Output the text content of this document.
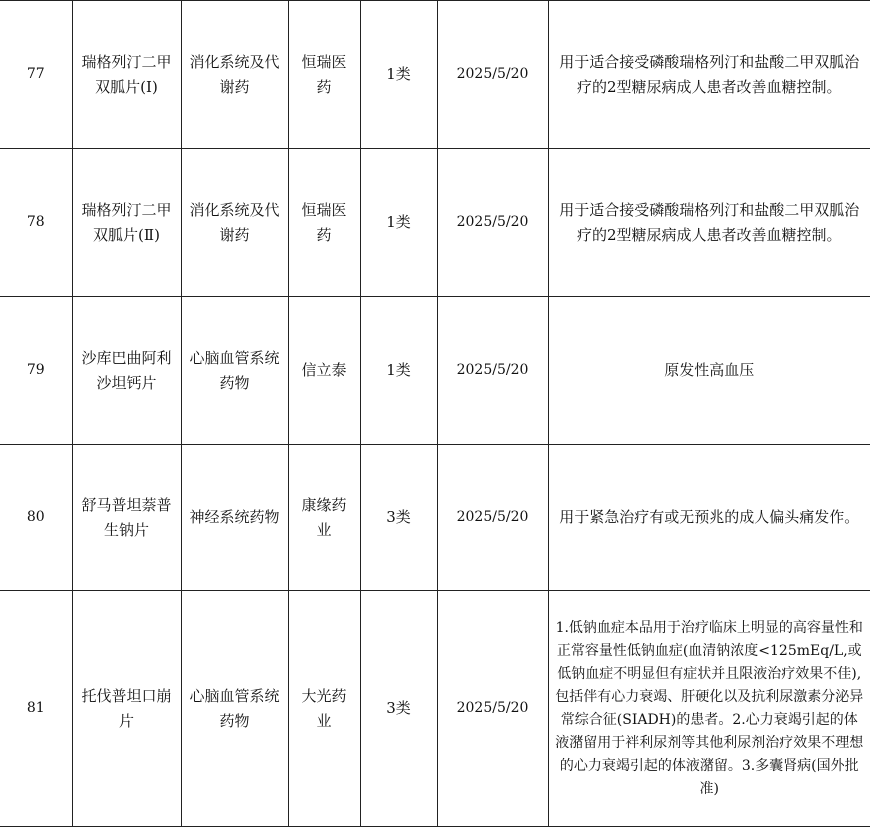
77	瑞格列汀二甲双胍片(Ⅰ)	消化系统及代谢药	恒瑞医药	1类	2025/5/20	用于适合接受磷酸瑞格列汀和盐酸二甲双胍治疗的2型糖尿病成人患者改善血糖控制。
78	瑞格列汀二甲双胍片(Ⅱ)	消化系统及代谢药	恒瑞医药	1类	2025/5/20	用于适合接受磷酸瑞格列汀和盐酸二甲双胍治疗的2型糖尿病成人患者改善血糖控制。
79	沙库巴曲阿利沙坦钙片	心脑血管系统药物	信立泰	1类	2025/5/20	原发性高血压
80	舒马普坦萘普生钠片	神经系统药物	康缘药业	3类	2025/5/20	用于紧急治疗有或无预兆的成人偏头痛发作。
81	托伐普坦口崩片	心脑血管系统药物	大光药业	3类	2025/5/20	1.低钠血症本品用于治疗临床上明显的高容量性和正常容量性低钠血症(血清钠浓度<125mEq/L,或低钠血症不明显但有症状并且限液治疗效果不佳),包括伴有心力衰竭、肝硬化以及抗利尿激素分泌异常综合征(SIADH)的患者。2.心力衰竭引起的体液潴留用于袢利尿剂等其他利尿剂治疗效果不理想的心力衰竭引起的体液潴留。3.多囊肾病(国外批准)
